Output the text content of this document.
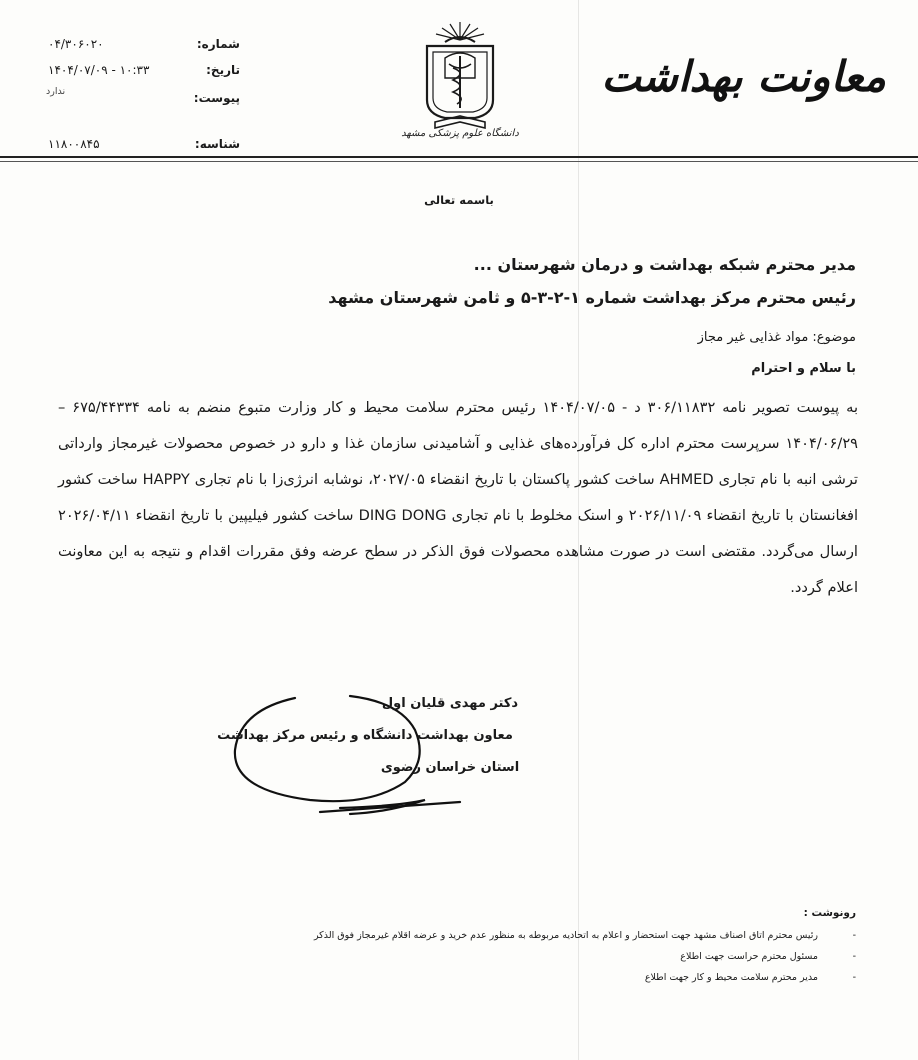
شماره:
۰۴/۳۰۶۰۲۰
تاریخ:
۱۴۰۴/۰۷/۰۹ - ۱۰:۳۳
پیوست:
ندارد
شناسه:
۱۱۸۰۰۸۴۵
دانشگاه علوم پزشکی مشهد
معاونت بهداشت
باسمه تعالی
مدیر محترم شبکه بهداشت و درمان شهرستان ...
رئیس محترم مرکز بهداشت شماره ۱-۲-۳-۵ و ثامن شهرستان مشهد
موضوع: مواد غذایی غیر مجاز
با سلام و احترام
به پیوست تصویر نامه ۳۰۶/۱۱۸۳۲ د - ۱۴۰۴/۰۷/۰۵ رئیس محترم سلامت محیط و کار وزارت متبوع منضم به نامه ۶۷۵/۴۴۳۳۴ – ۱۴۰۴/۰۶/۲۹ سرپرست محترم اداره کل فرآورده‌های غذایی و آشامیدنی سازمان غذا و دارو در خصوص محصولات غیرمجاز وارداتی ترشی انبه با نام تجاری AHMED ساخت کشور پاکستان با تاریخ انقضاء ۲۰۲۷/۰۵، نوشابه انرژی‌زا با نام تجاری HAPPY ساخت کشور افغانستان با تاریخ انقضاء ۲۰۲۶/۱۱/۰۹ و اسنک مخلوط با نام تجاری DING DONG ساخت کشور فیلیپین با تاریخ انقضاء ۲۰۲۶/۰۴/۱۱ ارسال می‌گردد. مقتضی است در صورت مشاهده محصولات فوق الذکر در سطح عرضه وفق مقررات اقدام و نتیجه به این معاونت اعلام گردد.
دکتر مهدی قلیان اول
معاون بهداشت دانشگاه و رئیس مرکز بهداشت
استان خراسان رضوی
رونوشت :
-
رئیس محترم اتاق اصناف مشهد جهت استحضار و اعلام به اتحادیه مربوطه به منظور عدم خرید و عرضه اقلام غیرمجاز فوق الذکر
-
مسئول محترم حراست جهت اطلاع
-
مدیر محترم سلامت محیط و کار جهت اطلاع
